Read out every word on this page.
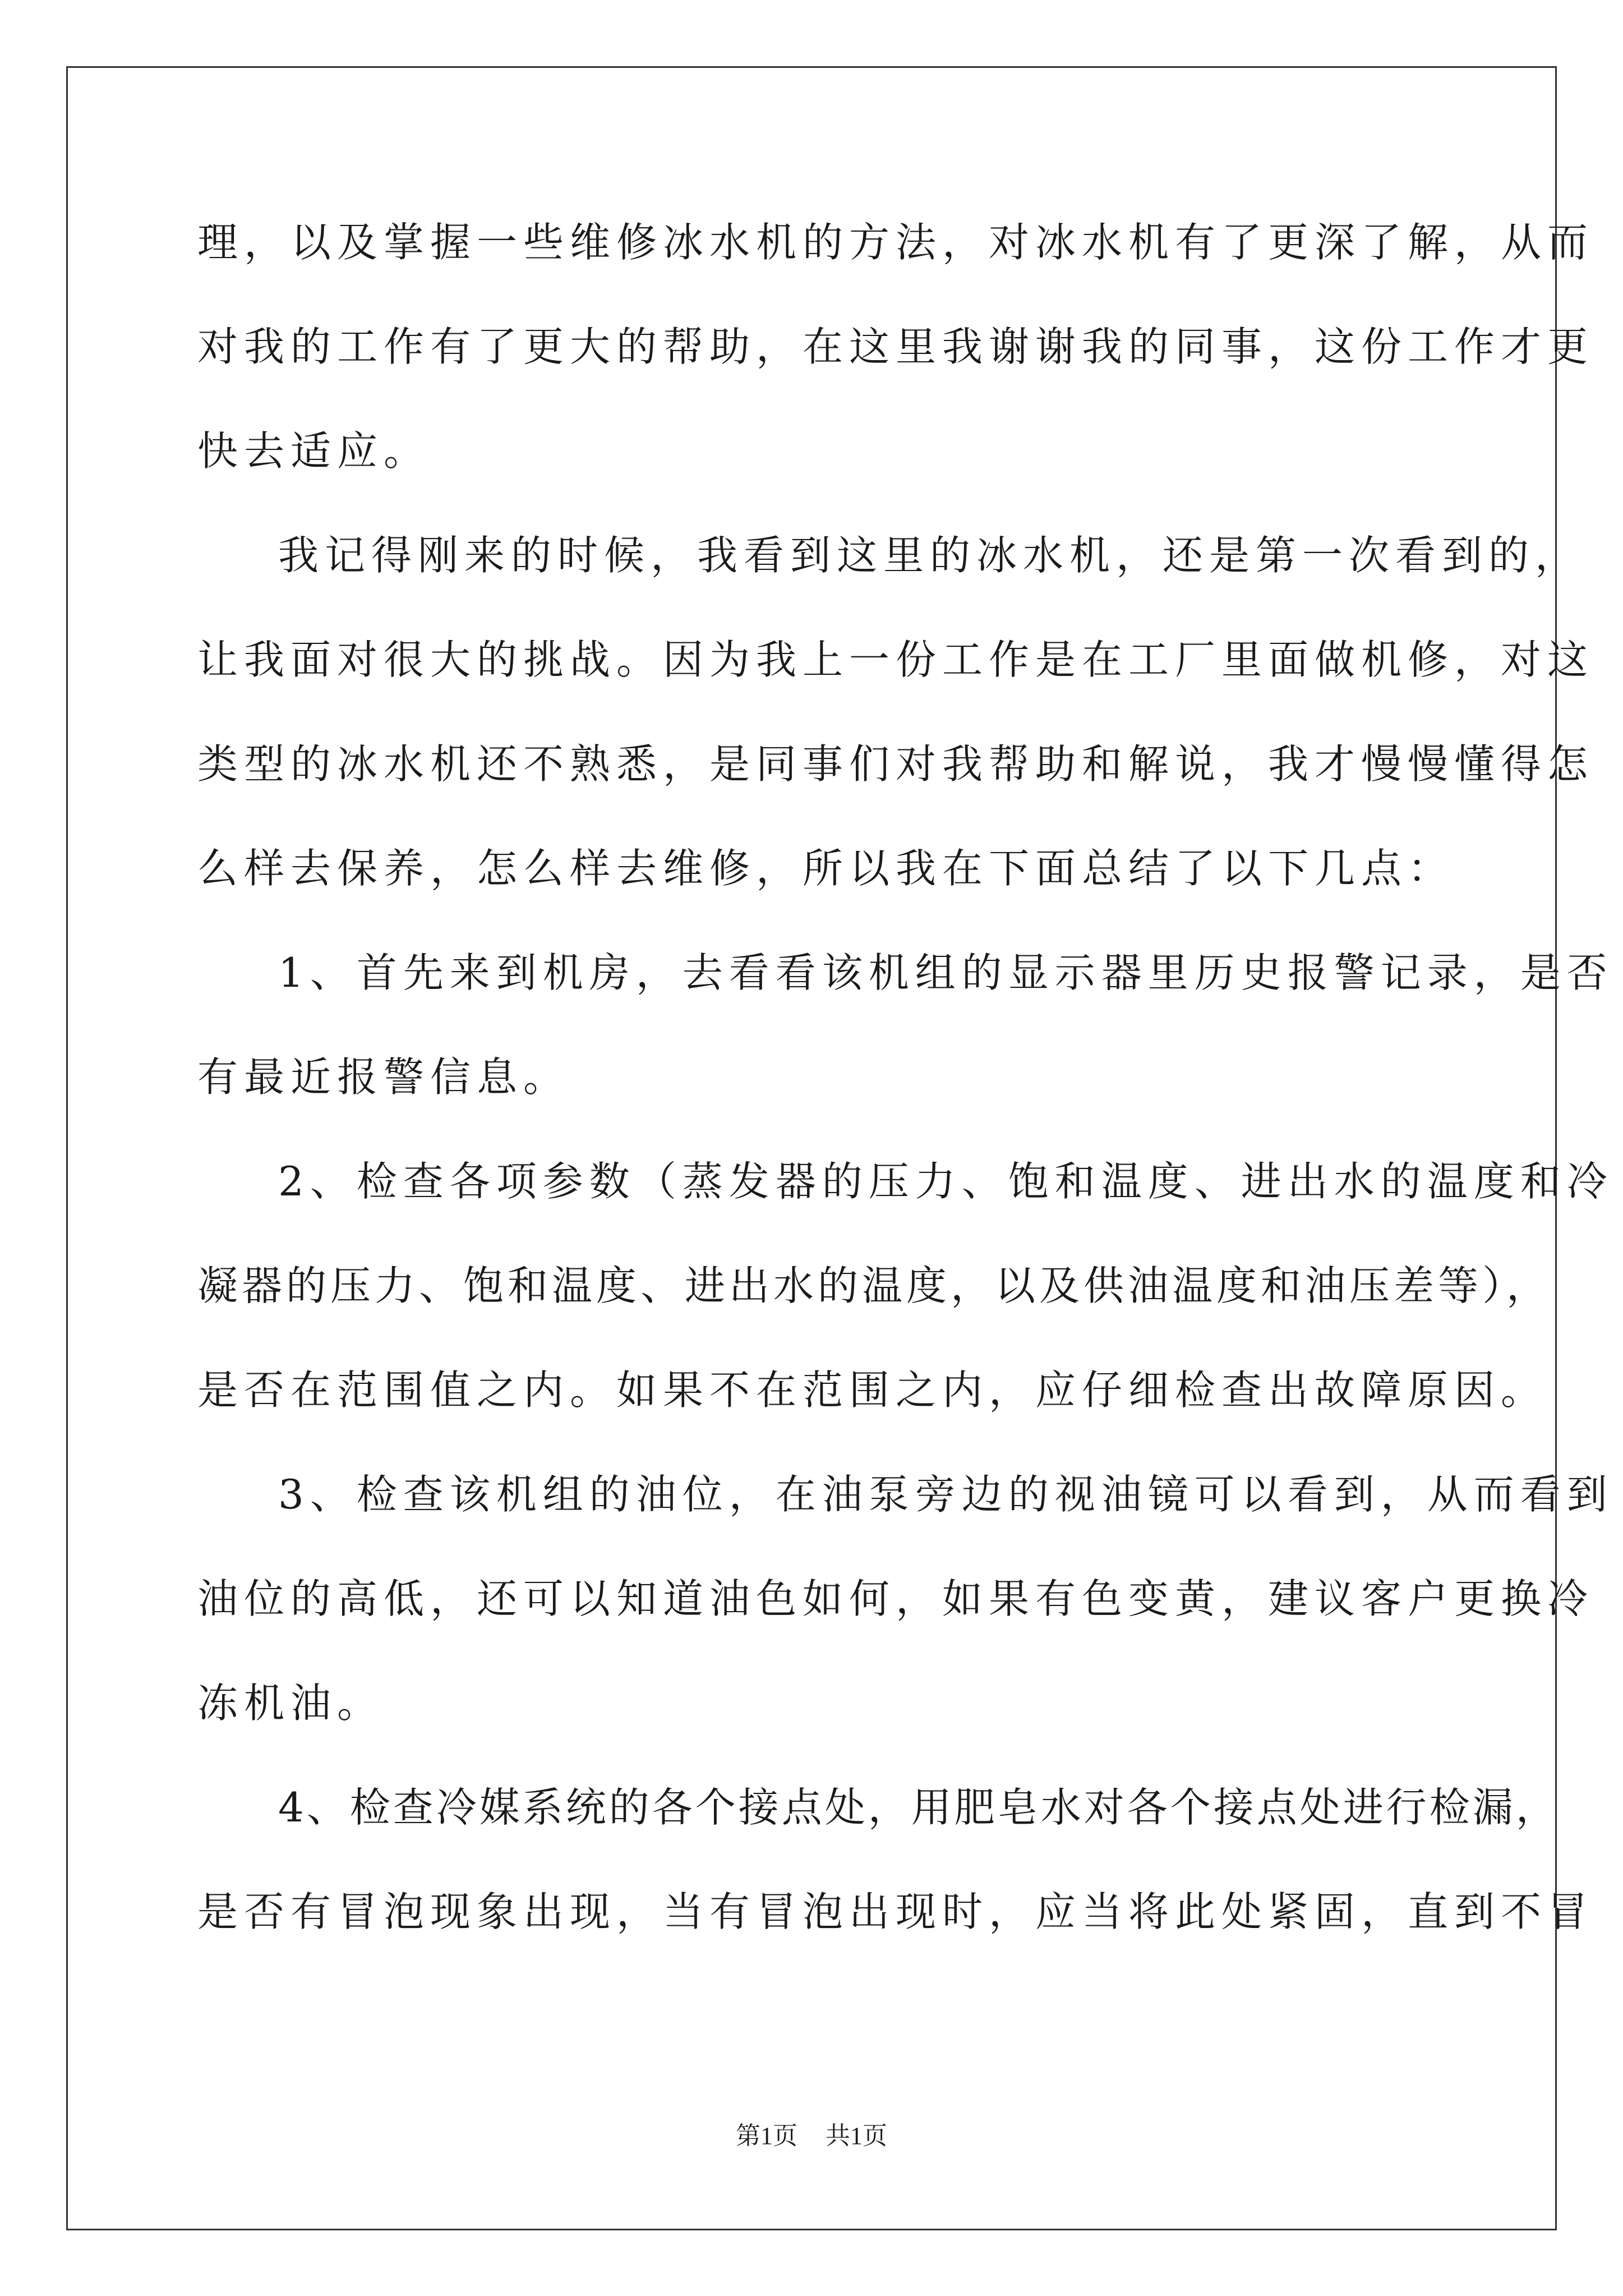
理，以及掌握一些维修冰水机的方法，对冰水机有了更深了解，从而
对我的工作有了更大的帮助，在这里我谢谢我的同事，这份工作才更
快去适应。
我记得刚来的时候，我看到这里的冰水机，还是第一次看到的，
让我面对很大的挑战。因为我上一份工作是在工厂里面做机修，对这
类型的冰水机还不熟悉，是同事们对我帮助和解说，我才慢慢懂得怎
么样去保养，怎么样去维修，所以我在下面总结了以下几点：
1、首先来到机房，去看看该机组的显示器里历史报警记录，是否
有最近报警信息。
2、检查各项参数（蒸发器的压力、饱和温度、进出水的温度和冷
凝器的压力、饱和温度、进出水的温度，以及供油温度和油压差等），
是否在范围值之内。如果不在范围之内，应仔细检查出故障原因。
3、检查该机组的油位，在油泵旁边的视油镜可以看到，从而看到
油位的高低，还可以知道油色如何，如果有色变黄，建议客户更换冷
冻机油。
4、检查冷媒系统的各个接点处，用肥皂水对各个接点处进行检漏，
是否有冒泡现象出现，当有冒泡出现时，应当将此处紧固，直到不冒
第1页 共1页
